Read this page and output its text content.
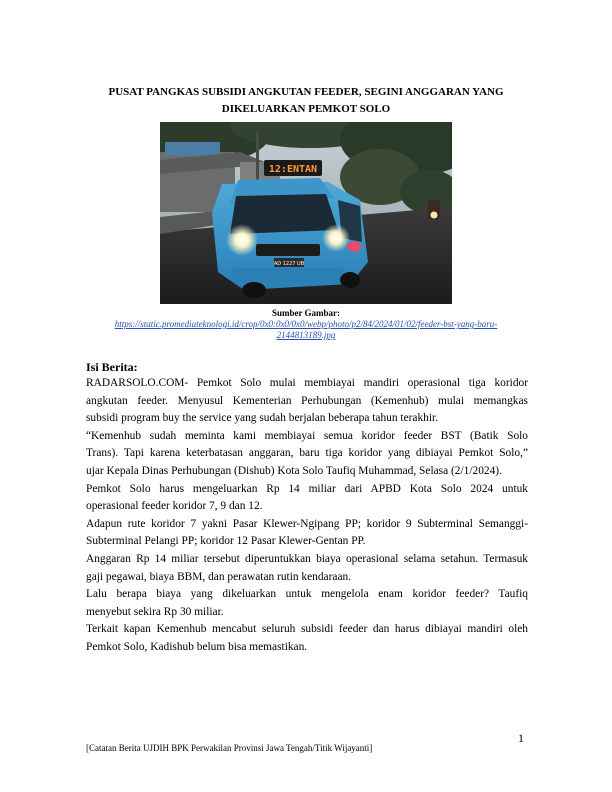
PUSAT PANGKAS SUBSIDI ANGKUTAN FEEDER, SEGINI ANGGARAN YANG
DIKELUARKAN PEMKOT SOLO
12:ENTAN
AD 1227 UB
Sumber Gambar:
https://static.promediateknologi.id/crop/0x0:0x0/0x0/webp/photo/p2/84/2024/01/02/feeder-bst-yang-baru-
2144813189.jpg
Isi Berita:

RADARSOLO.COM- Pemkot Solo mulai membiayai mandiri operasional tiga koridor

angkutan feeder. Menyusul Kementerian Perhubungan (Kemenhub) mulai memangkas

subsidi program buy the service yang sudah berjalan beberapa tahun terakhir.

“Kemenhub sudah meminta kami membiayai semua koridor feeder BST (Batik Solo

Trans). Tapi karena keterbatasan anggaran, baru tiga koridor yang dibiayai Pemkot Solo,”

ujar Kepala Dinas Perhubungan (Dishub) Kota Solo Taufiq Muhammad, Selasa (2/1/2024).

Pemkot Solo harus mengeluarkan Rp 14 miliar dari APBD Kota Solo 2024 untuk

operasional feeder koridor 7, 9 dan 12.

Adapun rute koridor 7 yakni Pasar Klewer-Ngipang PP; koridor 9 Subterminal Semanggi-

Subterminal Pelangi PP; koridor 12 Pasar Klewer-Gentan PP.

Anggaran Rp 14 miliar tersebut diperuntukkan biaya operasional selama setahun. Termasuk

gaji pegawai, biaya BBM, dan perawatan rutin kendaraan.

Lalu berapa biaya yang dikeluarkan untuk mengelola enam koridor feeder? Taufiq

menyebut sekira Rp 30 miliar.

Terkait kapan Kemenhub mencabut seluruh subsidi feeder dan harus dibiayai mandiri oleh

Pemkot Solo, Kadishub belum bisa memastikan.

1
[Catatan Berita UJDIH BPK Perwakilan Provinsi Jawa Tengah/Titik Wijayanti]
